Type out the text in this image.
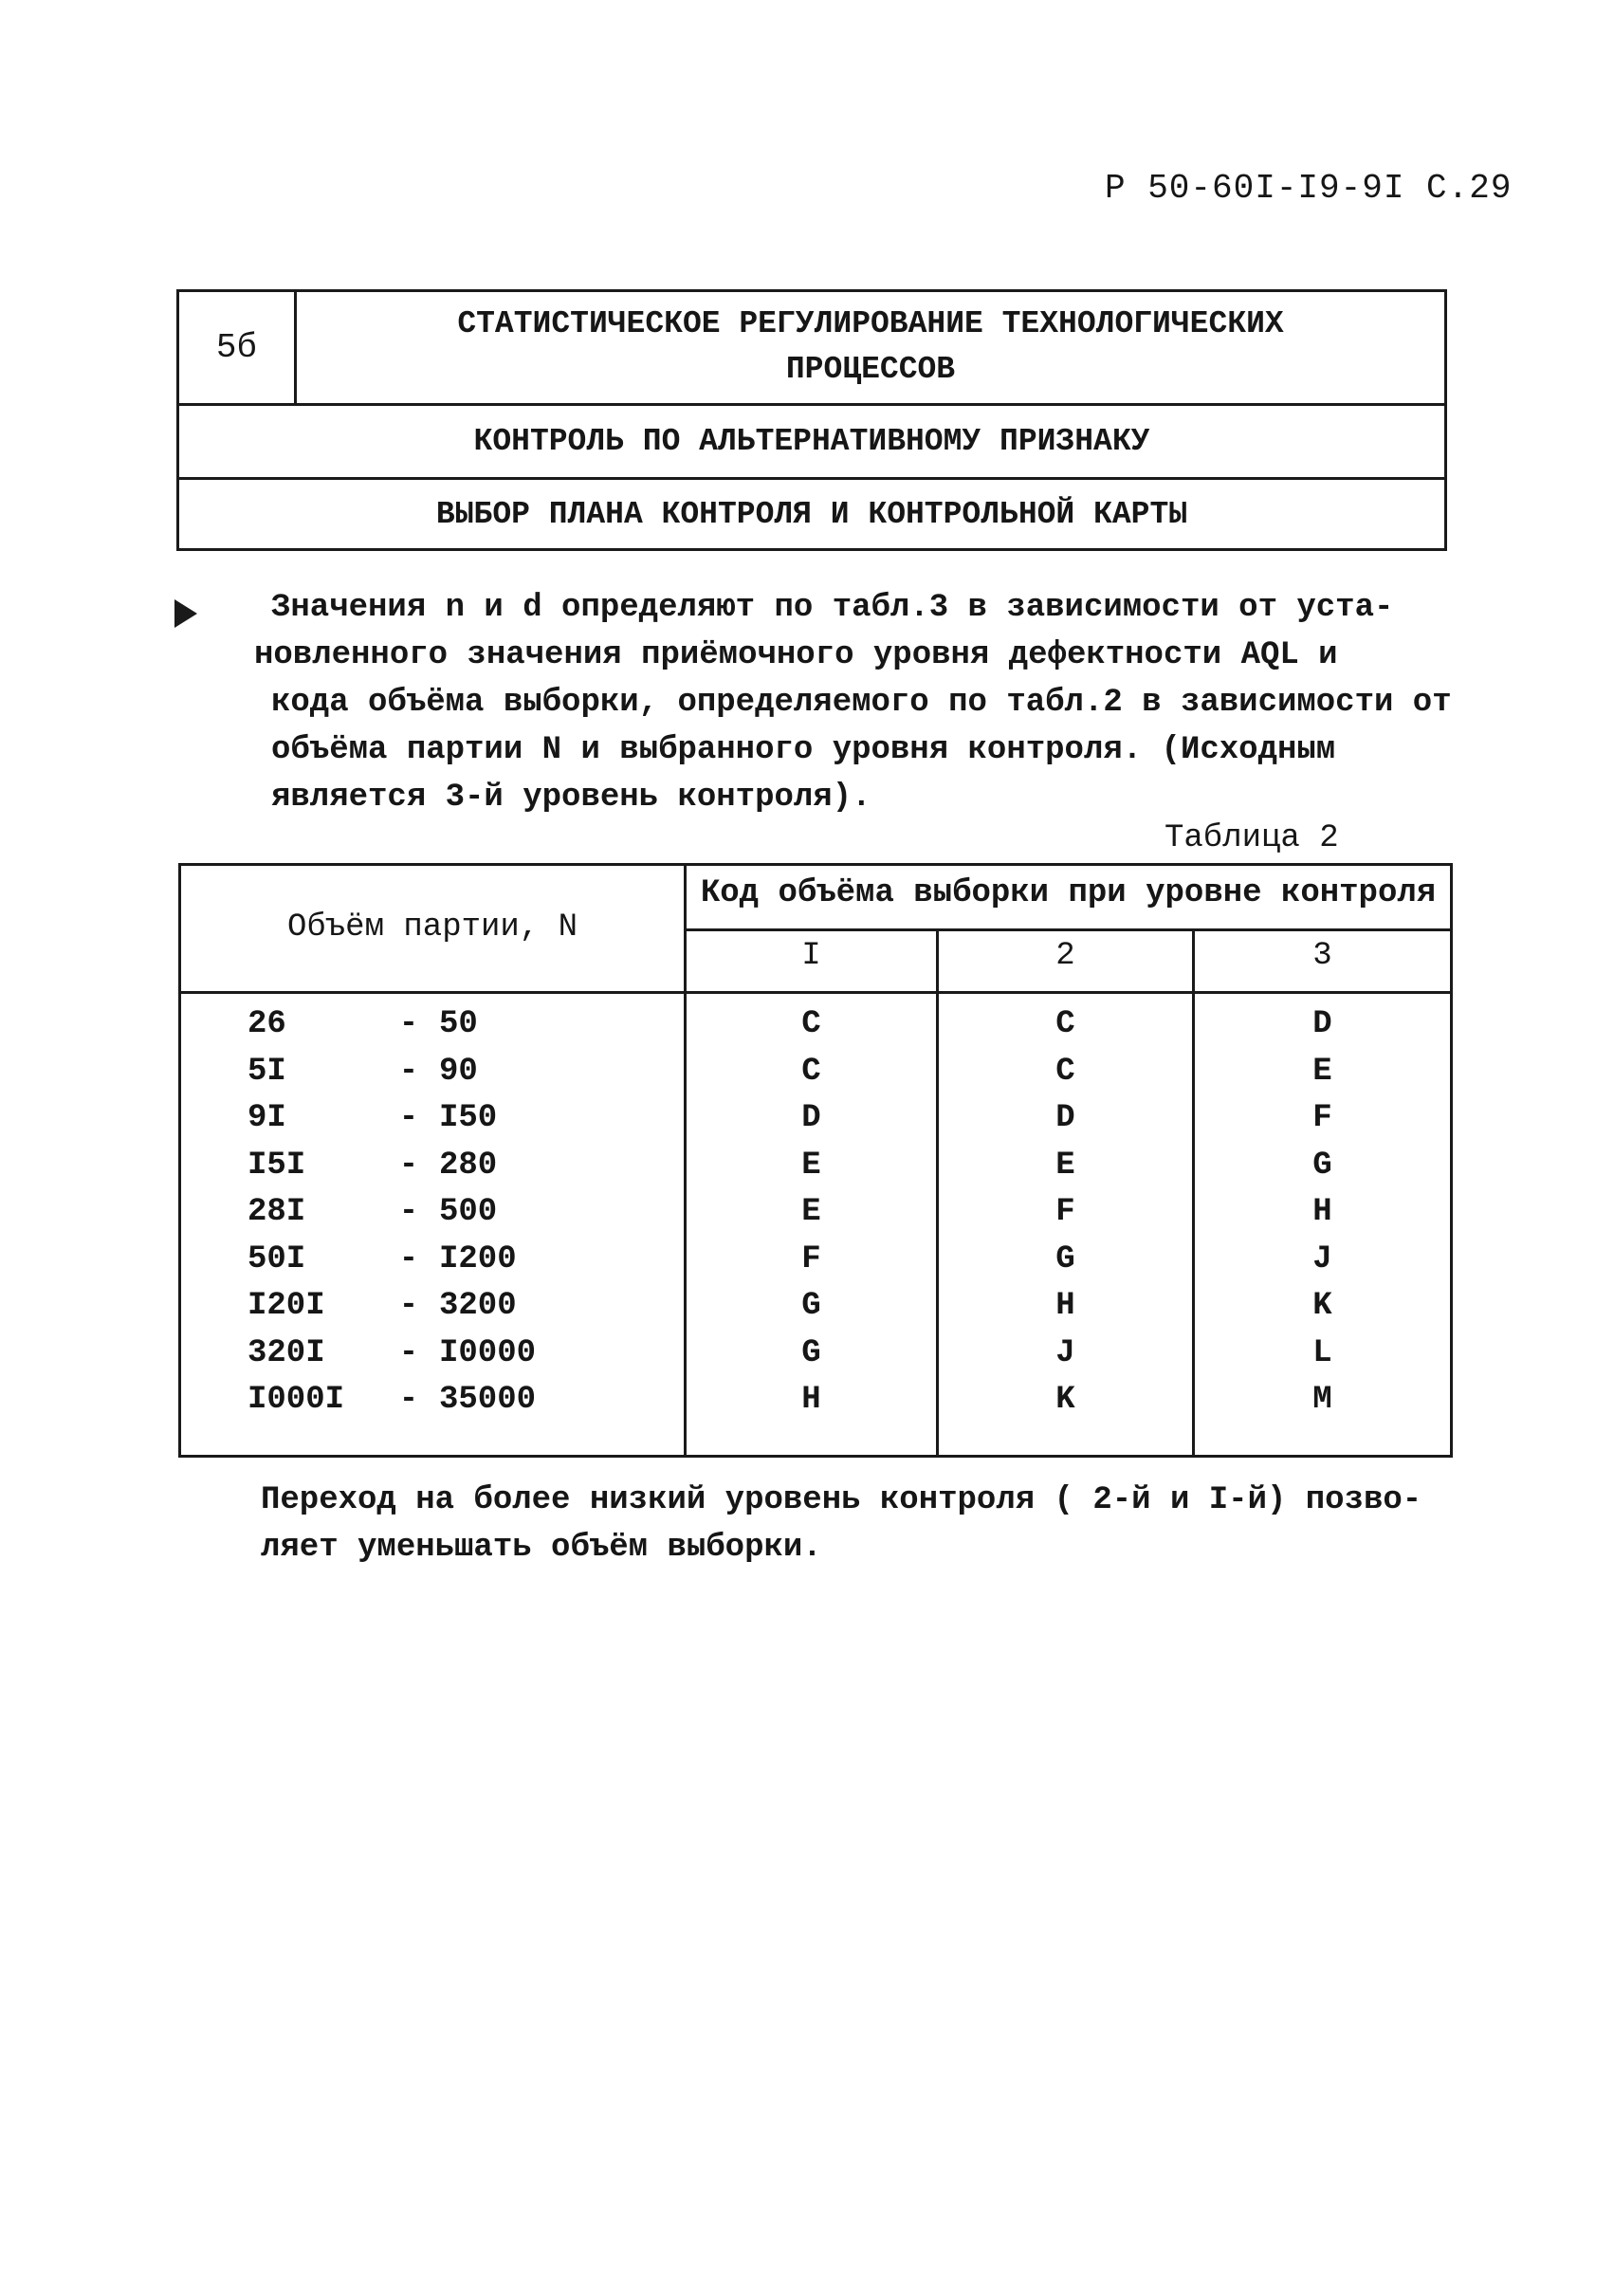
Р 50-60I-I9-9I С.29
5б
СТАТИСТИЧЕСКОЕ РЕГУЛИРОВАНИЕ ТЕХНОЛОГИЧЕСКИХ
ПРОЦЕССОВ
КОНТРОЛЬ ПО АЛЬТЕРНАТИВНОМУ ПРИЗНАКУ
ВЫБОР ПЛАНА КОНТРОЛЯ И КОНТРОЛЬНОЙ КАРТЫ
Значения n и d определяют по табл.3 в зависимости от уста-
новленного значения приёмочного уровня дефектности AQL и
кода объёма выборки, определяемого по табл.2 в зависимости от
объёма партии N и выбранного уровня контроля. (Исходным
является 3-й уровень контроля).
Таблица 2
Объём партии, N
Код объёма выборки при уровне контроля
I	2	3
26	- 50	C	C	D
5I	- 90	C	C	E
9I	- I50	D	D	F
I5I	- 280	E	E	G
28I	- 500	E	F	H
50I	- I200	F	G	J
I20I	- 3200	G	H	K
320I	- I0000	G	J	L
I000I	- 35000	H	K	M
Переход на более низкий уровень контроля ( 2-й и I-й) позво-
ляет уменьшать объём выборки.
